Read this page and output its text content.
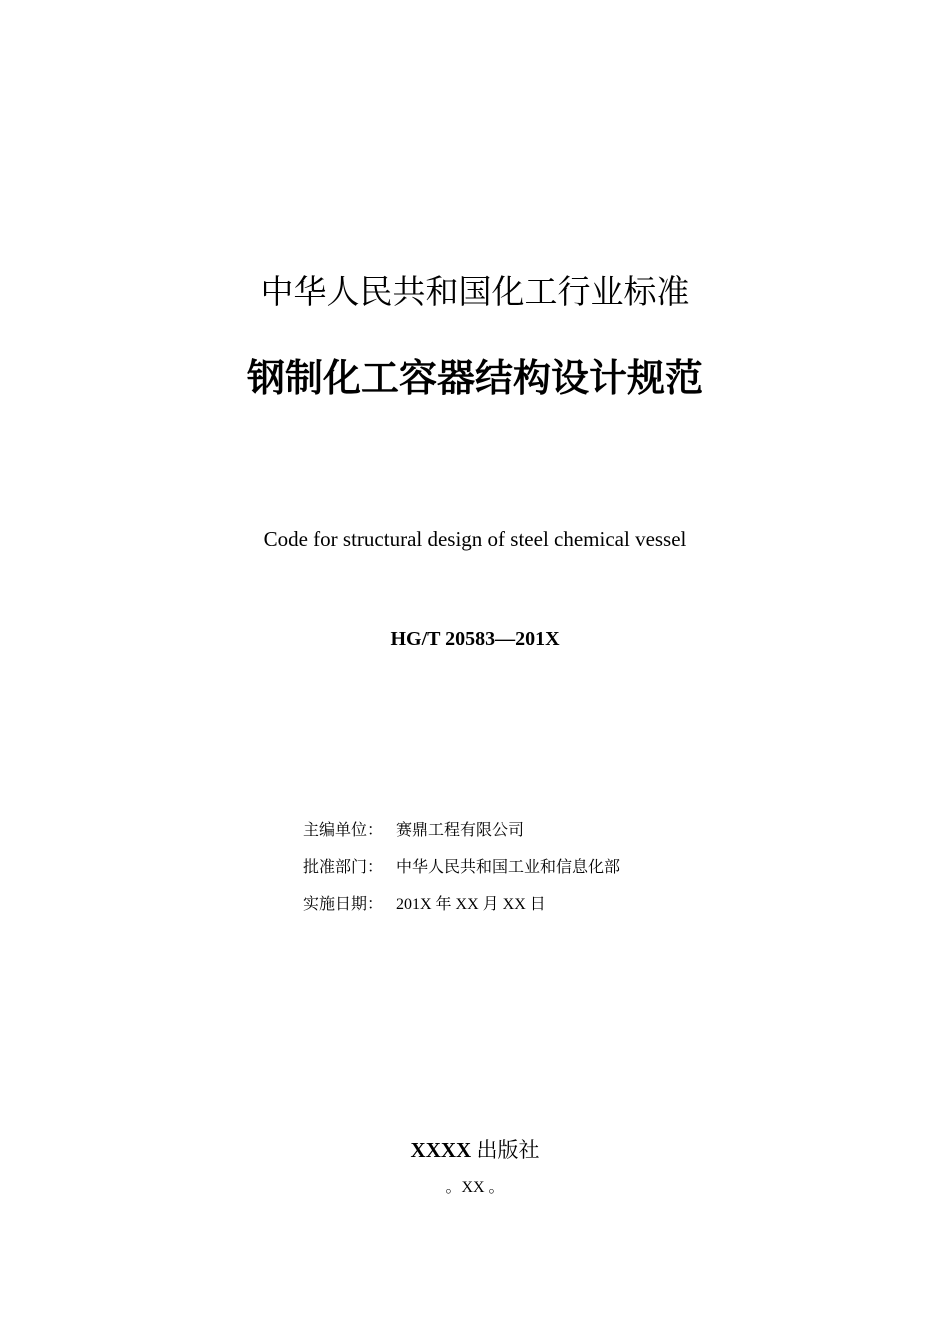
中华人民共和国化工行业标准
钢制化工容器结构设计规范
Code for structural design of steel chemical vessel
HG/T 20583—201X
主编单位： 赛鼎工程有限公司
批准部门： 中华人民共和国工业和信息化部
实施日期： 201X 年 XX 月 XX 日
XXXX 出版社
。XX 。
